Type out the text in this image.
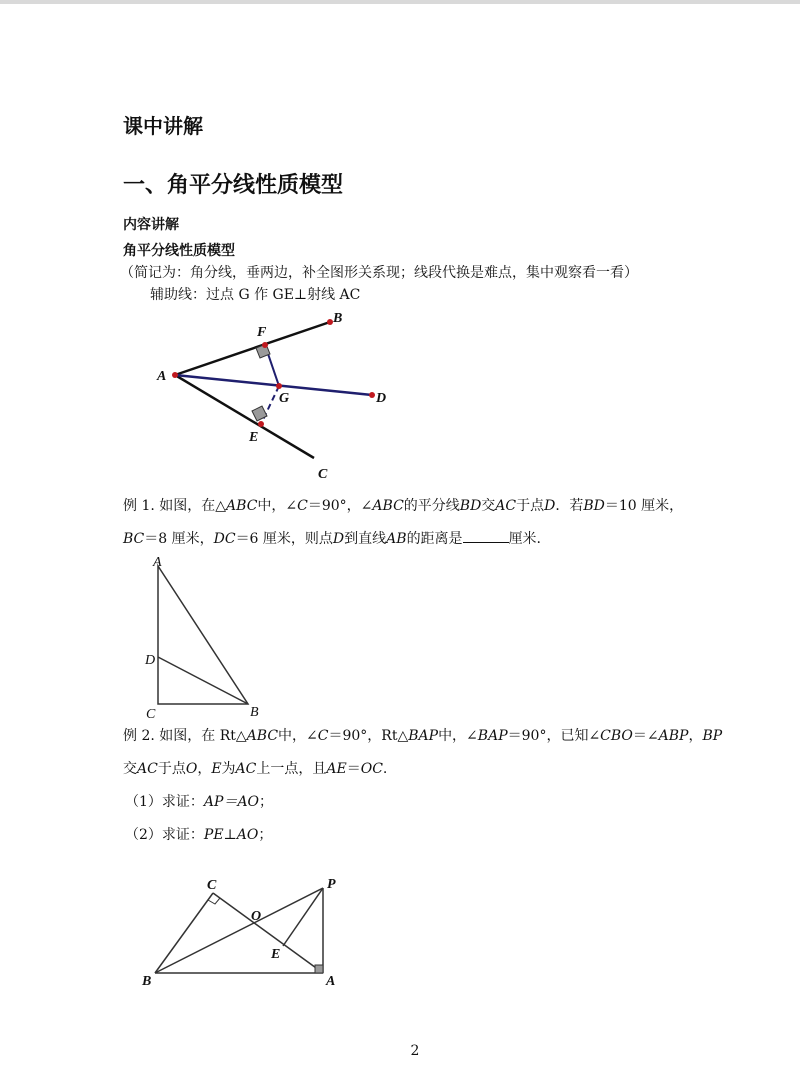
课中讲解
一、角平分线性质模型
内容讲解
角平分线性质模型
（简记为：角分线，垂两边，补全图形关系现；线段代换是难点，集中观察看一看）
辅助线：过点 G 作 GE⊥射线 AC
A
B
C
D
E
F
G
例 1. 如图，在△ABC中，∠C＝90°，∠ABC的平分线BD交AC于点D．若BD＝10 厘米，
BC＝8 厘米，DC＝6 厘米，则点D到直线AB的距离是	厘米.
A
B
C
D
例 2. 如图，在 Rt△ABC中，∠C＝90°，Rt△BAP中，∠BAP＝90°，已知∠CBO＝∠ABP，BP
交AC于点O，E为AC上一点，且AE＝OC.
（1）求证：AP＝AO；
（2）求证：PE⊥AO；
A
B
C
E
O
P
2
